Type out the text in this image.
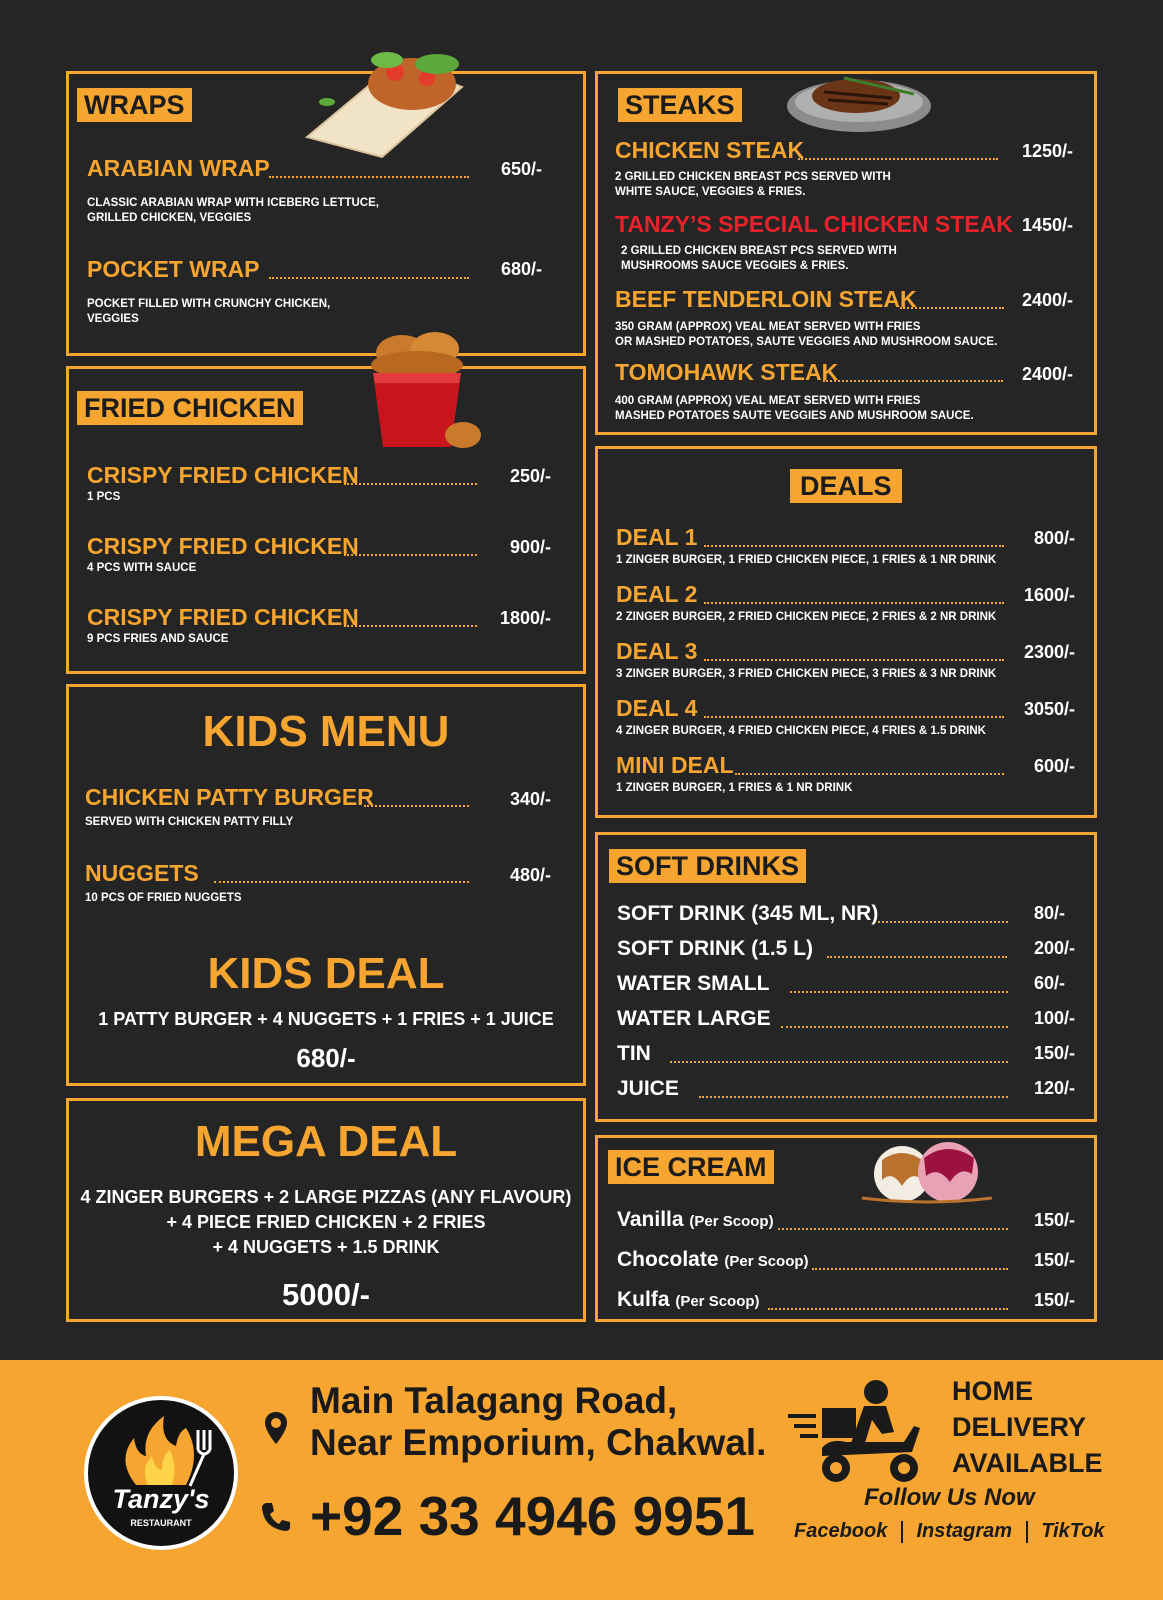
WRAPS
ARABIAN WRAP	650/-
CLASSIC ARABIAN WRAP WITH ICEBERG LETTUCE,
GRILLED CHICKEN, VEGGIES
POCKET WRAP	680/-
POCKET FILLED WITH CRUNCHY CHICKEN,
VEGGIES
FRIED CHICKEN
CRISPY FRIED CHICKEN	250/-
1 PCS
CRISPY FRIED CHICKEN	900/-
4 PCS WITH SAUCE
CRISPY FRIED CHICKEN	1800/-
9 PCS FRIES AND SAUCE
KIDS MENU
CHICKEN PATTY BURGER	340/-
SERVED WITH CHICKEN PATTY FILLY
NUGGETS	480/-
10 PCS OF FRIED NUGGETS
KIDS DEAL
1 PATTY BURGER + 4 NUGGETS + 1 FRIES + 1 JUICE
680/-
MEGA DEAL
4 ZINGER BURGERS + 2 LARGE PIZZAS (ANY FLAVOUR)
+ 4 PIECE FRIED CHICKEN + 2 FRIES
+ 4 NUGGETS + 1.5 DRINK
5000/-
STEAKS
CHICKEN STEAK	1250/-
2 GRILLED CHICKEN BREAST PCS SERVED WITH
WHITE SAUCE, VEGGIES & FRIES.
TANZY’S SPECIAL CHICKEN STEAK 1450/-
2 GRILLED CHICKEN BREAST PCS SERVED WITH
MUSHROOMS SAUCE VEGGIES & FRIES.
BEEF TENDERLOIN STEAK	2400/-
350 GRAM (APPROX) VEAL MEAT SERVED WITH FRIES
OR MASHED POTATOES, SAUTE VEGGIES AND MUSHROOM SAUCE.
TOMOHAWK STEAK	2400/-
400 GRAM (APPROX) VEAL MEAT SERVED WITH FRIES
MASHED POTATOES SAUTE VEGGIES AND MUSHROOM SAUCE.
DEALS
DEAL 1	800/-
1 ZINGER BURGER, 1 FRIED CHICKEN PIECE, 1 FRIES & 1 NR DRINK
DEAL 2	1600/-
2 ZINGER BURGER, 2 FRIED CHICKEN PIECE, 2 FRIES & 2 NR DRINK
DEAL 3	2300/-
3 ZINGER BURGER, 3 FRIED CHICKEN PIECE, 3 FRIES & 3 NR DRINK
DEAL 4	3050/-
4 ZINGER BURGER, 4 FRIED CHICKEN PIECE, 4 FRIES & 1.5 DRINK
MINI DEAL	600/-
1 ZINGER BURGER, 1 FRIES & 1 NR DRINK
SOFT DRINKS
SOFT DRINK (345 ML, NR)	80/-
SOFT DRINK (1.5 L)	200/-
WATER SMALL	60/-
WATER LARGE	100/-
TIN	150/-
JUICE	120/-
ICE CREAM
Vanilla (Per Scoop)	150/-
Chocolate (Per Scoop)	150/-
Kulfa (Per Scoop)	150/-
Tanzy's
RESTAURANT
Main Talagang Road,
Near Emporium, Chakwal.
+92 33 4946 9951
HOME
DELIVERY
AVAILABLE
Follow Us Now
Facebook Instagram TikTok
